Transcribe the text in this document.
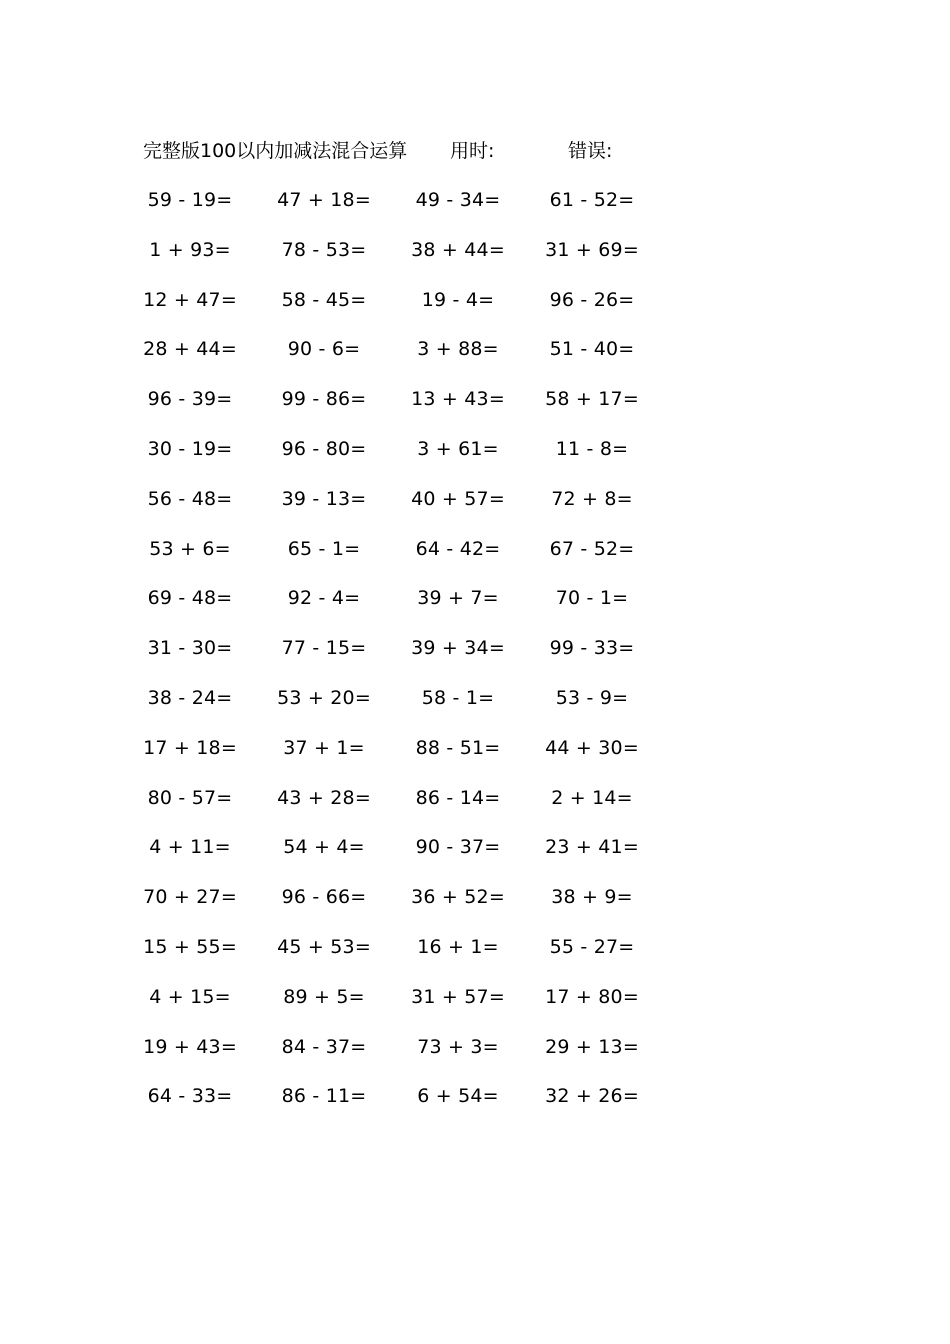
完整版100以内加减法混合运算 用时:	错误:
59 - 19= 47 + 18= 49 - 34=	61 - 52=
1 + 93=	78 - 53= 38 + 44= 31 + 69=
12 + 47= 58 - 45=	19 - 4=	96 - 26=
28 + 44=	90 - 6=	3 + 88=	51 - 40=
96 - 39=	99 - 86= 13 + 43= 58 + 17=
30 - 19=	96 - 80=	3 + 61=	11 - 8=
56 - 48=	39 - 13= 40 + 57= 72 + 8=
53 + 6=	65 - 1=	64 - 42=	67 - 52=
69 - 48=	92 - 4=	39 + 7=	70 - 1=
31 - 30=	77 - 15= 39 + 34= 99 - 33=
38 - 24= 53 + 20=	58 - 1=	53 - 9=
17 + 18= 37 + 1=	88 - 51= 44 + 30=
80 - 57= 43 + 28= 86 - 14=	2 + 14=
4 + 11=	54 + 4=	90 - 37= 23 + 41=
70 + 27= 96 - 66= 36 + 52= 38 + 9=
15 + 55= 45 + 53= 16 + 1=	55 - 27=
4 + 15=	89 + 5= 31 + 57= 17 + 80=
19 + 43= 84 - 37=	73 + 3= 29 + 13=
64 - 33=	86 - 11=	6 + 54= 32 + 26=
